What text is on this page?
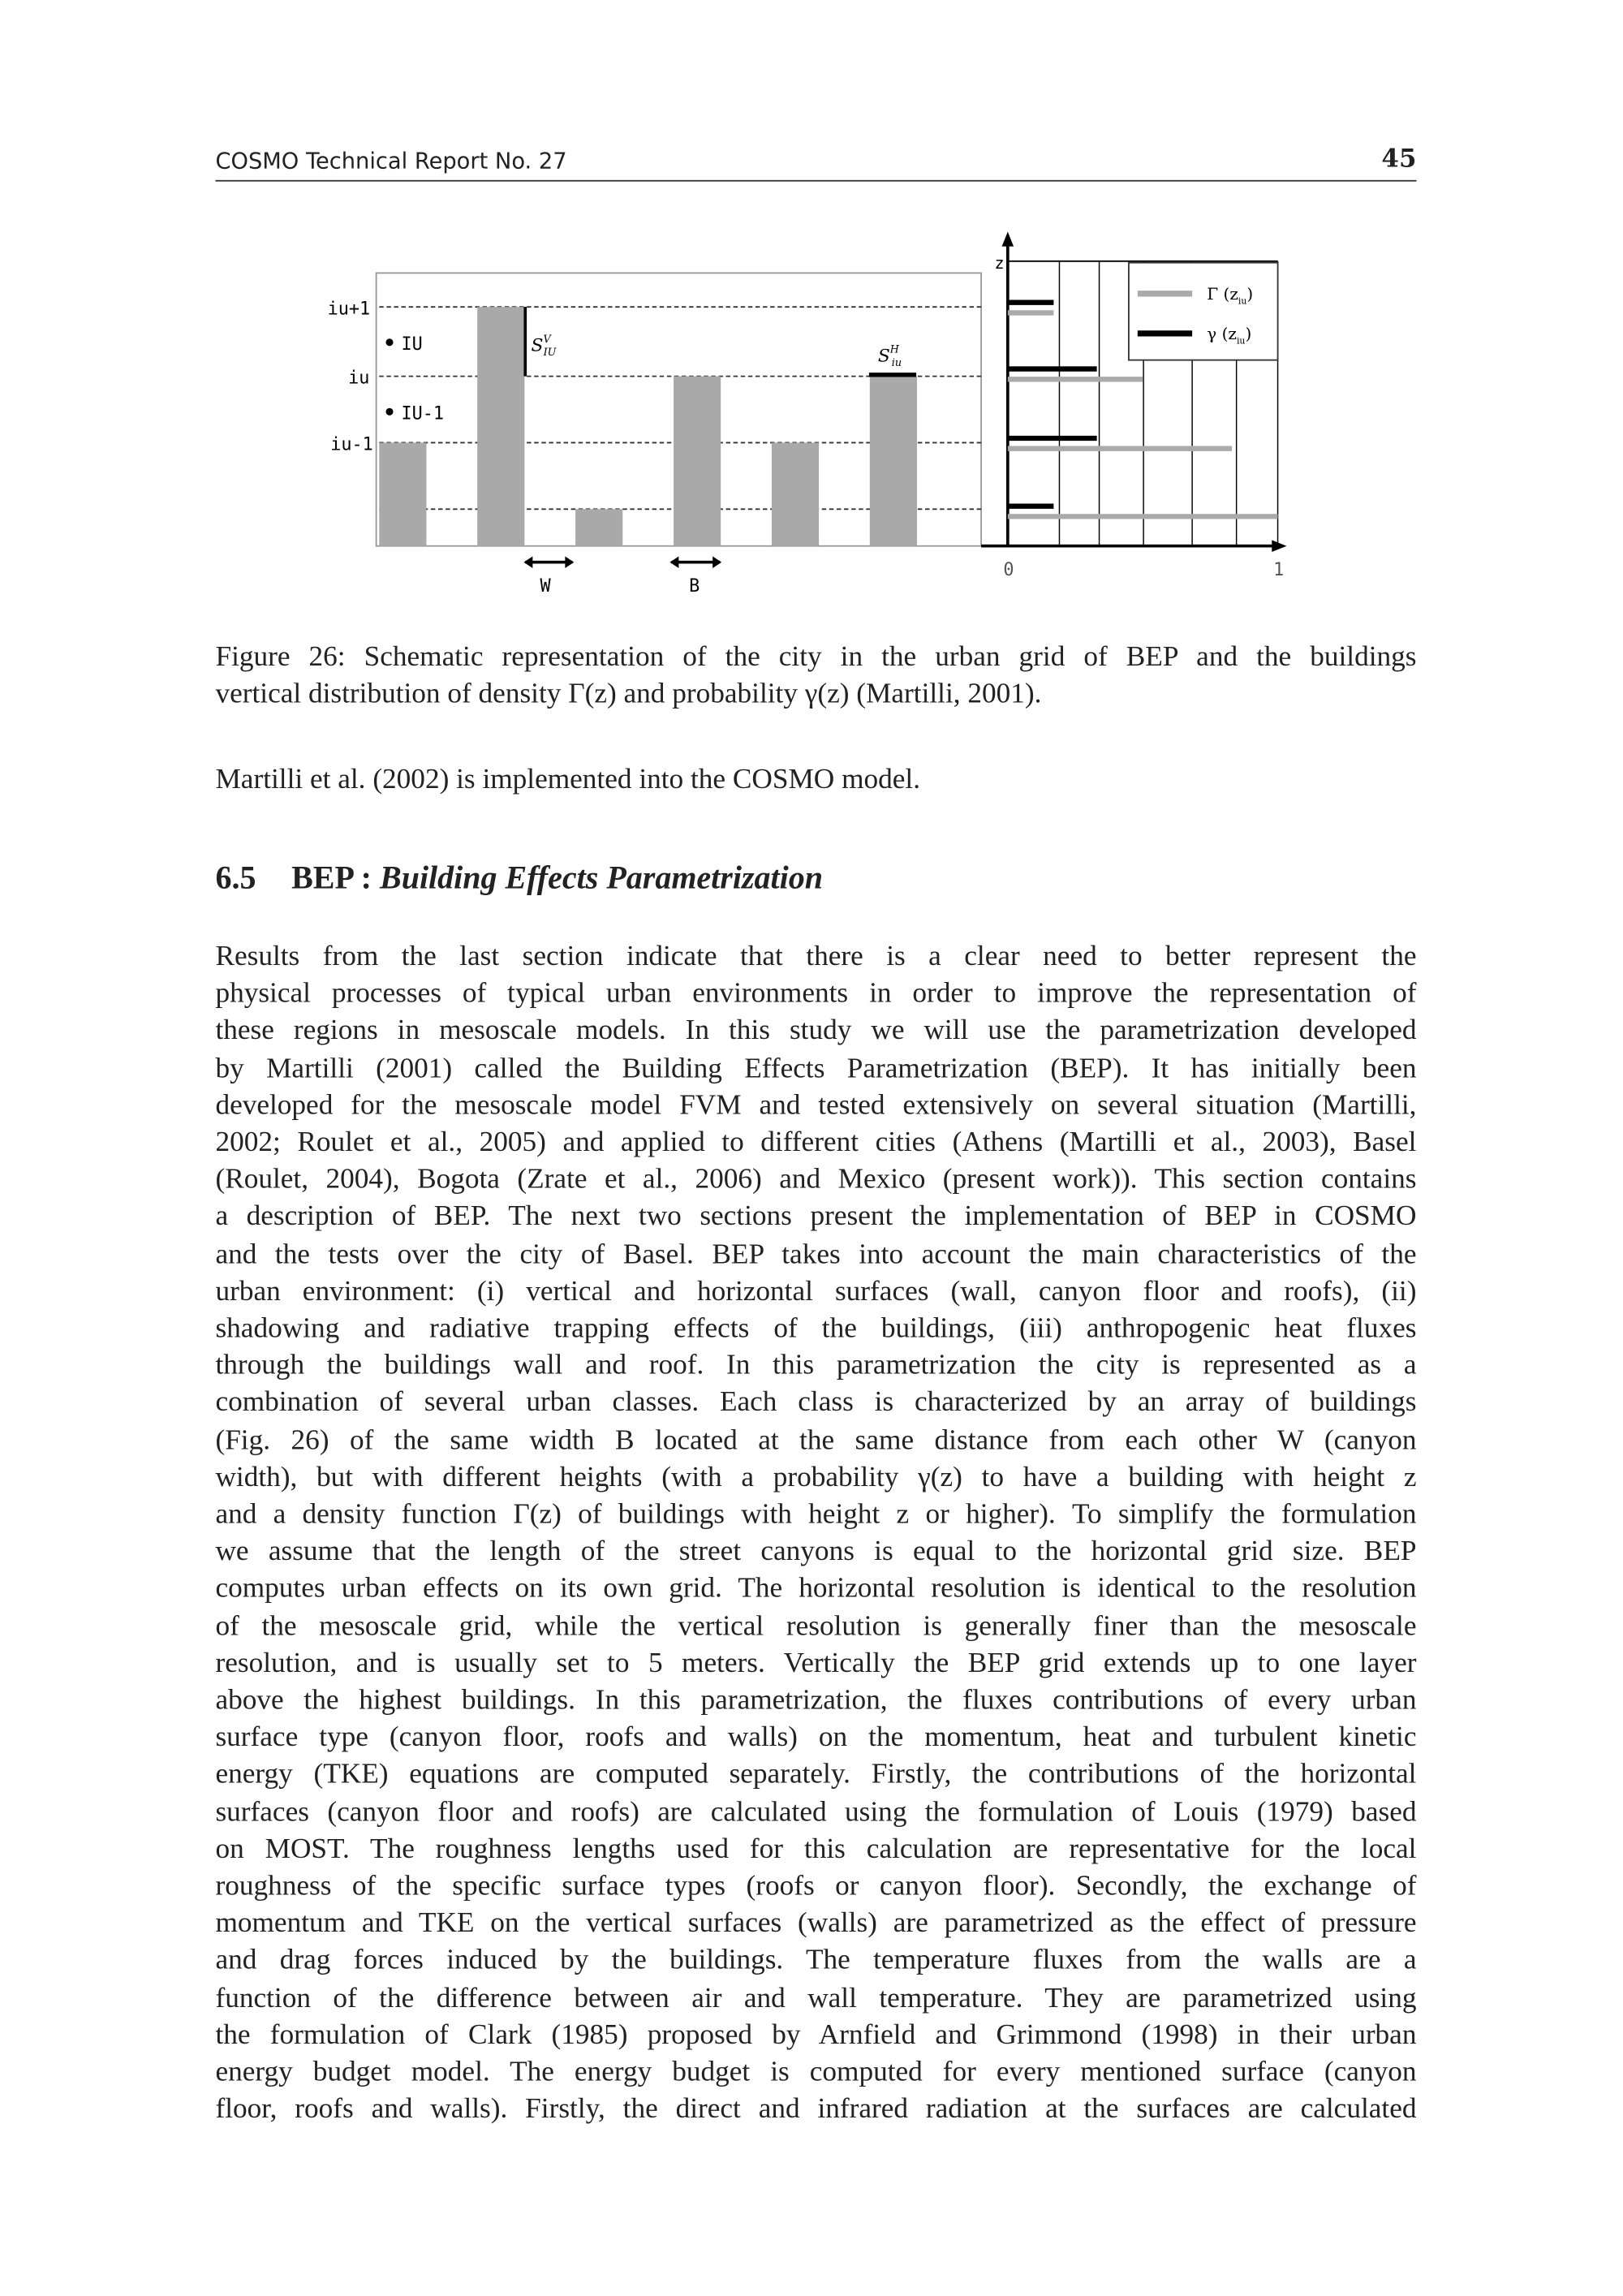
COSMO Technical Report No. 27	45
iu+1
iu
iu-1
IU
IU-1
$S^V$ IU	$S^H$ iu
W	B
z
0	1
Γ $(z_{iu})$
γ $(z_{iu})$
Figure 26: Schematic representation of the city in the urban grid of BEP and the buildings
vertical distribution of density Γ(z) and probability γ(z) (Martilli, 2001).
Martilli et al. (2002) is implemented into the COSMO model.
6.5 BEP : Building Effects Parametrization
Results from the last section indicate that there is a clear need to better represent the
physical processes of typical urban environments in order to improve the representation of
these regions in mesoscale models. In this study we will use the parametrization developed
by Martilli (2001) called the Building Effects Parametrization (BEP). It has initially been
developed for the mesoscale model FVM and tested extensively on several situation (Martilli,
2002; Roulet et al., 2005) and applied to different cities (Athens (Martilli et al., 2003), Basel
(Roulet, 2004), Bogota (Zrate et al., 2006) and Mexico (present work)). This section contains
a description of BEP. The next two sections present the implementation of BEP in COSMO
and the tests over the city of Basel. BEP takes into account the main characteristics of the
urban environment: (i) vertical and horizontal surfaces (wall, canyon floor and roofs), (ii)
shadowing and radiative trapping effects of the buildings, (iii) anthropogenic heat fluxes
through the buildings wall and roof. In this parametrization the city is represented as a
combination of several urban classes. Each class is characterized by an array of buildings
(Fig. 26) of the same width B located at the same distance from each other W (canyon
width), but with different heights (with a probability γ(z) to have a building with height z
and a density function Γ(z) of buildings with height z or higher). To simplify the formulation
we assume that the length of the street canyons is equal to the horizontal grid size. BEP
computes urban effects on its own grid. The horizontal resolution is identical to the resolution
of the mesoscale grid, while the vertical resolution is generally finer than the mesoscale
resolution, and is usually set to 5 meters. Vertically the BEP grid extends up to one layer
above the highest buildings. In this parametrization, the fluxes contributions of every urban
surface type (canyon floor, roofs and walls) on the momentum, heat and turbulent kinetic
energy (TKE) equations are computed separately. Firstly, the contributions of the horizontal
surfaces (canyon floor and roofs) are calculated using the formulation of Louis (1979) based
on MOST. The roughness lengths used for this calculation are representative for the local
roughness of the specific surface types (roofs or canyon floor). Secondly, the exchange of
momentum and TKE on the vertical surfaces (walls) are parametrized as the effect of pressure
and drag forces induced by the buildings. The temperature fluxes from the walls are a
function of the difference between air and wall temperature. They are parametrized using
the formulation of Clark (1985) proposed by Arnfield and Grimmond (1998) in their urban
energy budget model. The energy budget is computed for every mentioned surface (canyon
floor, roofs and walls). Firstly, the direct and infrared radiation at the surfaces are calculated
